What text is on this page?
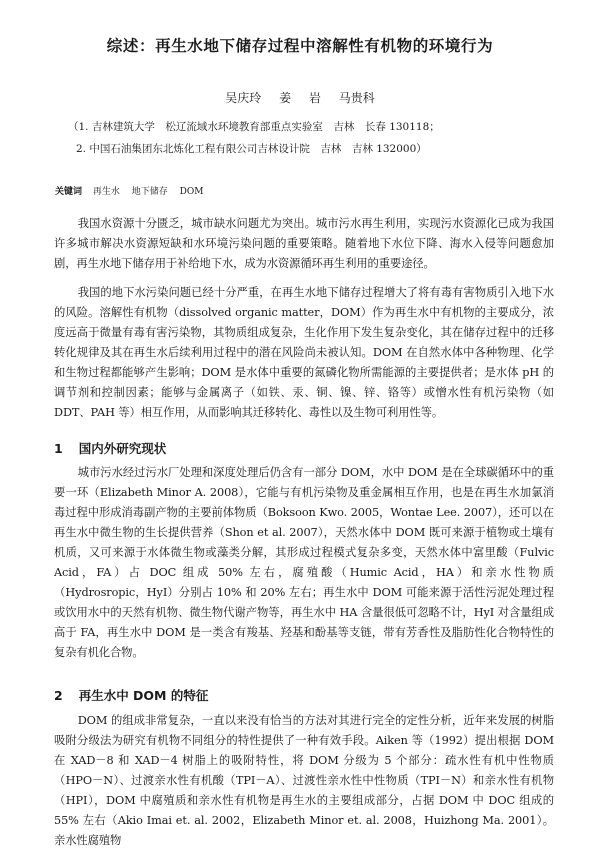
综述：再生水地下储存过程中溶解性有机物的环境行为
吴庆玲 姜 岩 马贵科
（1. 吉林建筑大学　松辽流域水环境教育部重点实验室　吉林　长春 130118；
2. 中国石油集团东北炼化工程有限公司吉林设计院　吉林　吉林 132000）
关键词 再生水 地下储存 DOM

我国水资源十分匮乏，城市缺水问题尤为突出。城市污水再生利用，实现污水资源化已成为我国许多城市解决水资源短缺和水环境污染问题的重要策略。随着地下水位下降、海水入侵等问题愈加剧，再生水地下储存用于补给地下水，成为水资源循环再生利用的重要途径。

我国的地下水污染问题已经十分严重，在再生水地下储存过程增大了将有毒有害物质引入地下水的风险。溶解性有机物（dissolved organic matter，DOM）作为再生水中有机物的主要成分，浓度远高于微量有毒有害污染物，其物质组成复杂，生化作用下发生复杂变化，其在储存过程中的迁移转化规律及其在再生水后续利用过程中的潜在风险尚未被认知。DOM 在自然水体中各种物理、化学和生物过程都能够产生影响；DOM 是水体中重要的氮磷化物所需能源的主要提供者；是水体 pH 的调节剂和控制因素；能够与金属离子（如铁、汞、铜、镍、锌、铬等）或憎水性有机污染物（如 DDT、PAH 等）相互作用，从而影响其迁移转化、毒性以及生物可利用性等。

1 国内外研究现状

城市污水经过污水厂处理和深度处理后仍含有一部分 DOM，水中 DOM 是在全球碳循环中的重要一环（Elizabeth Minor A. 2008），它能与有机污染物及重金属相互作用，也是在再生水加氯消毒过程中形成消毒副产物的主要前体物质（Boksoon Kwo. 2005，Wontae Lee. 2007），还可以在再生水中微生物的生长提供营养（Shon et al. 2007），天然水体中 DOM 既可来源于植物或土壤有机质，又可来源于水体微生物或藻类分解，其形成过程模式复杂多变，天然水体中富里酸（Fulvic Acid，FA）占 DOC 组成 50% 左右，腐殖酸（Humic Acid，HA）和亲水性物质（Hydrosropic，HyI）分别占 10% 和 20% 左右；再生水中 DOM 可能来源于活性污泥处理过程或饮用水中的天然有机物、微生物代谢产物等，再生水中 HA 含量很低可忽略不计，HyI 对含量组成高于 FA，再生水中 DOM 是一类含有羧基、羟基和酚基等支链，带有芳香性及脂肪性化合物特性的复杂有机化合物。

2 再生水中 DOM 的特征

DOM 的组成非常复杂，一直以来没有恰当的方法对其进行完全的定性分析，近年来发展的树脂吸附分级法为研究有机物不同组分的特性提供了一种有效手段。Aiken 等（1992）提出根据 DOM 在 XAD－8 和 XAD－4 树脂上的吸附特性，将 DOM 分级为 5 个部分：疏水性有机中性物质（HPO－N）、过渡亲水性有机酸（TPI－A）、过渡性亲水性中性物质（TPI－N）和亲水性有机物（HPI），DOM 中腐殖质和亲水性有机物是再生水的主要组成部分，占据 DOM 中 DOC 组成的 55% 左右（Akio Imai et. al. 2002，Elizabeth Minor et. al. 2008，Huizhong Ma. 2001）。亲水性腐殖物
